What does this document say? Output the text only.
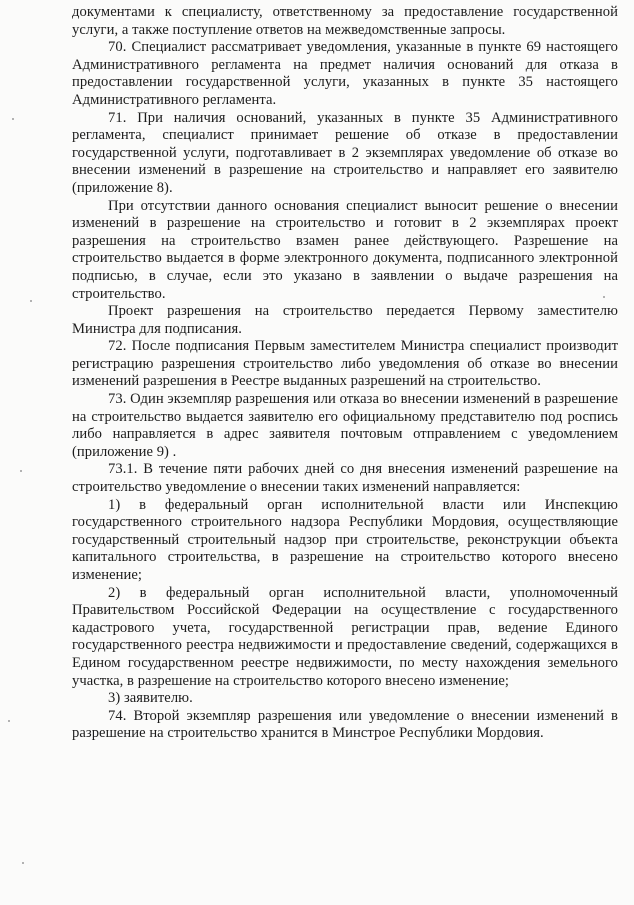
документами к специалисту, ответственному за предоставление государственной услуги, а также поступление ответов на межведомственные запросы.

70. Специалист рассматривает уведомления, указанные в пункте 69 настоящего Административного регламента на предмет наличия оснований для отказа в предоставлении государственной услуги, указанных в пункте 35 настоящего Административного регламента.

71. При наличия оснований, указанных в пункте 35 Административного регламента, специалист принимает решение об отказе в предоставлении государственной услуги, подготавливает в 2 экземплярах уведомление об отказе во внесении изменений в разрешение на строительство и направляет его заявителю (приложение 8).

При отсутствии данного основания специалист выносит решение о внесении изменений в разрешение на строительство и готовит в 2 экземплярах проект разрешения на строительство взамен ранее действующего. Разрешение на строительство выдается в форме электронного документа, подписанного электронной подписью, в случае, если это указано в заявлении о выдаче разрешения на строительство.

Проект разрешения на строительство передается Первому заместителю Министра для подписания.

72. После подписания Первым заместителем Министра специалист производит регистрацию разрешения строительство либо уведомления об отказе во внесении изменений разрешения в Реестре выданных разрешений на строительство.

73. Один экземпляр разрешения или отказа во внесении изменений в разрешение на строительство выдается заявителю его официальному представителю под роспись либо направляется в адрес заявителя почтовым отправлением с уведомлением (приложение 9) .

73.1. В течение пяти рабочих дней со дня внесения изменений разрешение на строительство уведомление о внесении таких изменений направляется:

1) в федеральный орган исполнительной власти или Инспекцию государственного строительного надзора Республики Мордовия, осуществляющие государственный строительный надзор при строительстве, реконструкции объекта капитального строительства, в разрешение на строительство которого внесено изменение;

2) в федеральный орган исполнительной власти, уполномоченный Правительством Российской Федерации на осуществление с государственного кадастрового учета, государственной регистрации прав, ведение Единого государственного реестра недвижимости и предоставление сведений, содержащихся в Едином государственном реестре недвижимости, по месту нахождения земельного участка, в разрешение на строительство которого внесено изменение;

3) заявителю.

74. Второй экземпляр разрешения или уведомление о внесении изменений в разрешение на строительство хранится в Минстрое Республики Мордовия.
